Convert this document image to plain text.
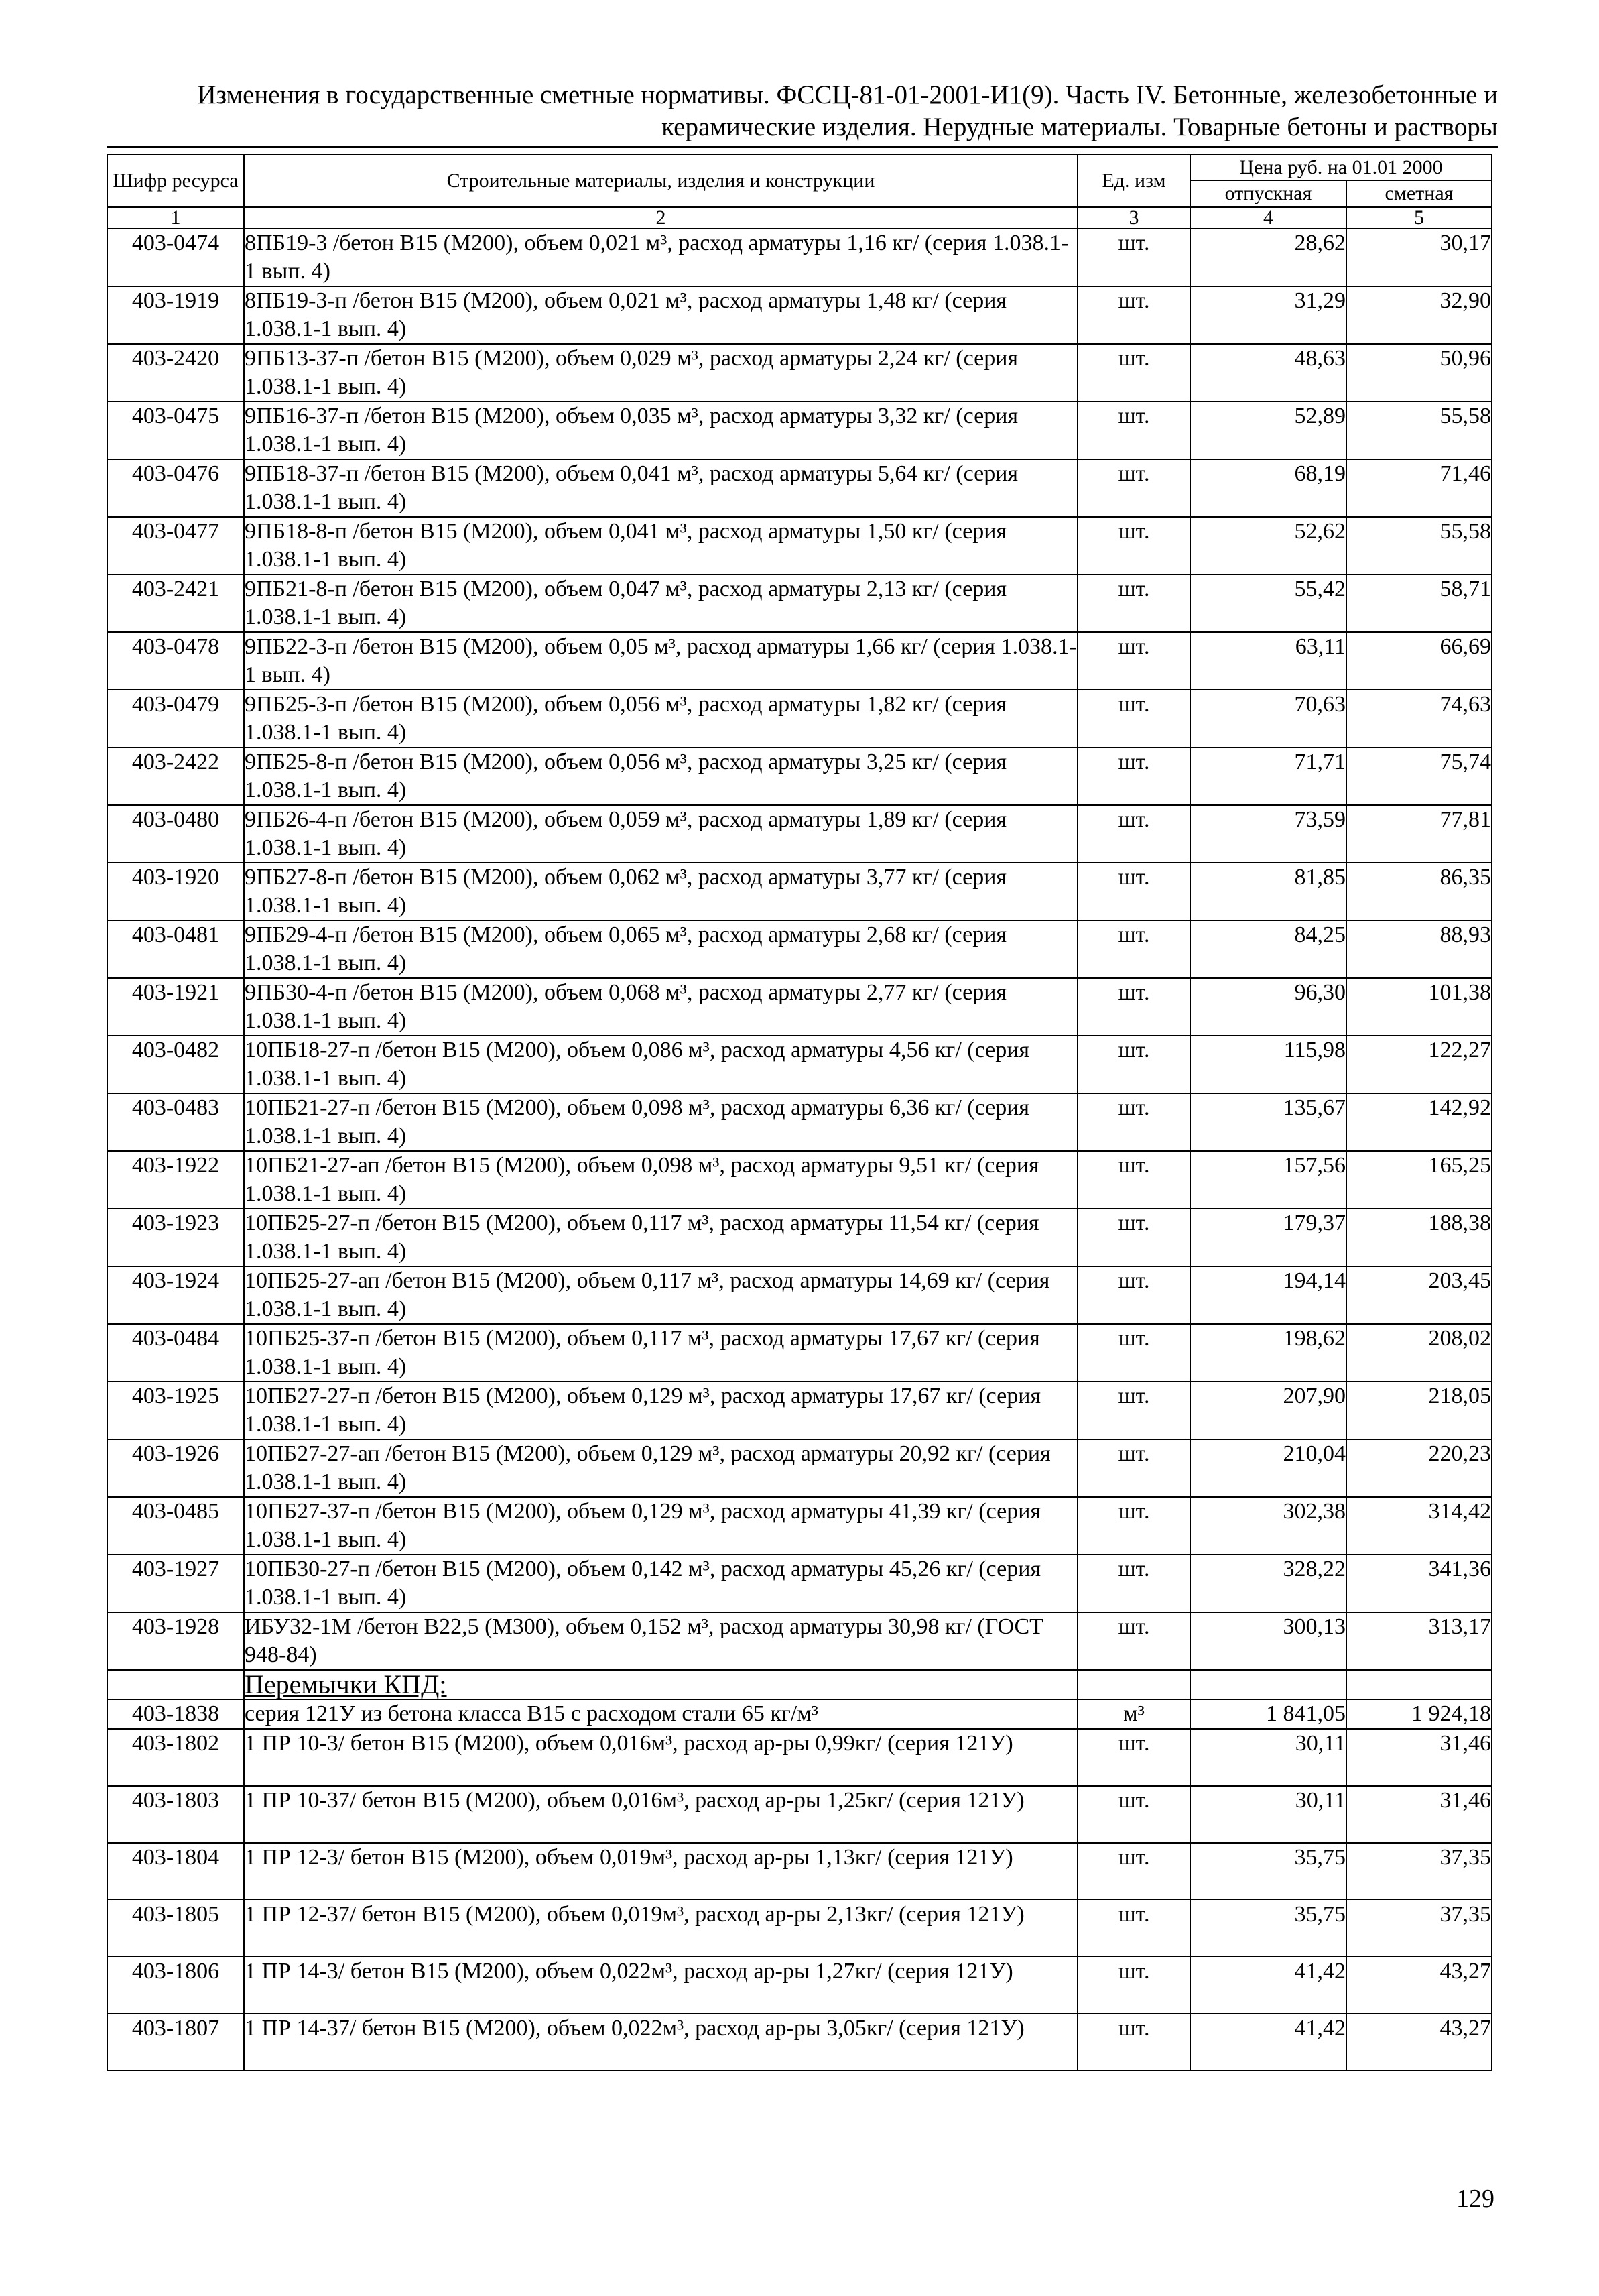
Изменения в государственные сметные нормативы. ФССЦ-81-01-2001-И1(9). Часть IV. Бетонные, железобетонные и
керамические изделия. Нерудные материалы. Товарные бетоны и растворы
Шифр ресурса	Строительные материалы, изделия и конструкции	Ед. изм	Цена руб. на 01.01 2000	
			отпускная	сметная
1	2	3	4	5
403-0474	8ПБ19-3 /бетон В15 (М200), объем 0,021 м³, расход арматуры 1,16 кг/ (серия 1.038.1-1 вып. 4)	шт.	28,62	30,17
403-1919	8ПБ19-3-п /бетон В15 (М200), объем 0,021 м³, расход арматуры 1,48 кг/ (серия 1.038.1-1 вып. 4)	шт.	31,29	32,90
403-2420	9ПБ13-37-п /бетон В15 (М200), объем 0,029 м³, расход арматуры 2,24 кг/ (серия 1.038.1-1 вып. 4)	шт.	48,63	50,96
403-0475	9ПБ16-37-п /бетон В15 (М200), объем 0,035 м³, расход арматуры 3,32 кг/ (серия 1.038.1-1 вып. 4)	шт.	52,89	55,58
403-0476	9ПБ18-37-п /бетон В15 (М200), объем 0,041 м³, расход арматуры 5,64 кг/ (серия 1.038.1-1 вып. 4)	шт.	68,19	71,46
403-0477	9ПБ18-8-п /бетон В15 (М200), объем 0,041 м³, расход арматуры 1,50 кг/ (серия 1.038.1-1 вып. 4)	шт.	52,62	55,58
403-2421	9ПБ21-8-п /бетон В15 (М200), объем 0,047 м³, расход арматуры 2,13 кг/ (серия 1.038.1-1 вып. 4)	шт.	55,42	58,71
403-0478	9ПБ22-3-п /бетон В15 (М200), объем 0,05 м³, расход арматуры 1,66 кг/ (серия 1.038.1-1 вып. 4)	шт.	63,11	66,69
403-0479	9ПБ25-3-п /бетон В15 (М200), объем 0,056 м³, расход арматуры 1,82 кг/ (серия 1.038.1-1 вып. 4)	шт.	70,63	74,63
403-2422	9ПБ25-8-п /бетон В15 (М200), объем 0,056 м³, расход арматуры 3,25 кг/ (серия 1.038.1-1 вып. 4)	шт.	71,71	75,74
403-0480	9ПБ26-4-п /бетон В15 (М200), объем 0,059 м³, расход арматуры 1,89 кг/ (серия 1.038.1-1 вып. 4)	шт.	73,59	77,81
403-1920	9ПБ27-8-п /бетон В15 (М200), объем 0,062 м³, расход арматуры 3,77 кг/ (серия 1.038.1-1 вып. 4)	шт.	81,85	86,35
403-0481	9ПБ29-4-п /бетон В15 (М200), объем 0,065 м³, расход арматуры 2,68 кг/ (серия 1.038.1-1 вып. 4)	шт.	84,25	88,93
403-1921	9ПБ30-4-п /бетон В15 (М200), объем 0,068 м³, расход арматуры 2,77 кг/ (серия 1.038.1-1 вып. 4)	шт.	96,30	101,38
403-0482	10ПБ18-27-п /бетон В15 (М200), объем 0,086 м³, расход арматуры 4,56 кг/ (серия 1.038.1-1 вып. 4)	шт.	115,98	122,27
403-0483	10ПБ21-27-п /бетон В15 (М200), объем 0,098 м³, расход арматуры 6,36 кг/ (серия 1.038.1-1 вып. 4)	шт.	135,67	142,92
403-1922	10ПБ21-27-ап /бетон В15 (М200), объем 0,098 м³, расход арматуры 9,51 кг/ (серия 1.038.1-1 вып. 4)	шт.	157,56	165,25
403-1923	10ПБ25-27-п /бетон В15 (М200), объем 0,117 м³, расход арматуры 11,54 кг/ (серия 1.038.1-1 вып. 4)	шт.	179,37	188,38
403-1924	10ПБ25-27-ап /бетон В15 (М200), объем 0,117 м³, расход арматуры 14,69 кг/ (серия 1.038.1-1 вып. 4)	шт.	194,14	203,45
403-0484	10ПБ25-37-п /бетон В15 (М200), объем 0,117 м³, расход арматуры 17,67 кг/ (серия 1.038.1-1 вып. 4)	шт.	198,62	208,02
403-1925	10ПБ27-27-п /бетон В15 (М200), объем 0,129 м³, расход арматуры 17,67 кг/ (серия 1.038.1-1 вып. 4)	шт.	207,90	218,05
403-1926	10ПБ27-27-ап /бетон В15 (М200), объем 0,129 м³, расход арматуры 20,92 кг/ (серия 1.038.1-1 вып. 4)	шт.	210,04	220,23
403-0485	10ПБ27-37-п /бетон В15 (М200), объем 0,129 м³, расход арматуры 41,39 кг/ (серия 1.038.1-1 вып. 4)	шт.	302,38	314,42
403-1927	10ПБ30-27-п /бетон В15 (М200), объем 0,142 м³, расход арматуры 45,26 кг/ (серия 1.038.1-1 вып. 4)	шт.	328,22	341,36
403-1928	ИБУ32-1М /бетон В22,5 (М300), объем 0,152 м³, расход арматуры 30,98 кг/ (ГОСТ 948-84)	шт.	300,13	313,17
	Перемычки КПД:			
403-1838	серия 121У из бетона класса В15 с расходом стали 65 кг/м³	м³	1 841,05	1 924,18
403-1802	1 ПР 10-3/ бетон В15 (М200), объем 0,016м³, расход ар-ры 0,99кг/ (серия 121У)	шт.	30,11	31,46
403-1803	1 ПР 10-37/ бетон В15 (М200), объем 0,016м³, расход ар-ры 1,25кг/ (серия 121У)	шт.	30,11	31,46
403-1804	1 ПР 12-3/ бетон В15 (М200), объем 0,019м³, расход ар-ры 1,13кг/ (серия 121У)	шт.	35,75	37,35
403-1805	1 ПР 12-37/ бетон В15 (М200), объем 0,019м³, расход ар-ры 2,13кг/ (серия 121У)	шт.	35,75	37,35
403-1806	1 ПР 14-3/ бетон В15 (М200), объем 0,022м³, расход ар-ры 1,27кг/ (серия 121У)	шт.	41,42	43,27
403-1807	1 ПР 14-37/ бетон В15 (М200), объем 0,022м³, расход ар-ры 3,05кг/ (серия 121У)	шт.	41,42	43,27
129
